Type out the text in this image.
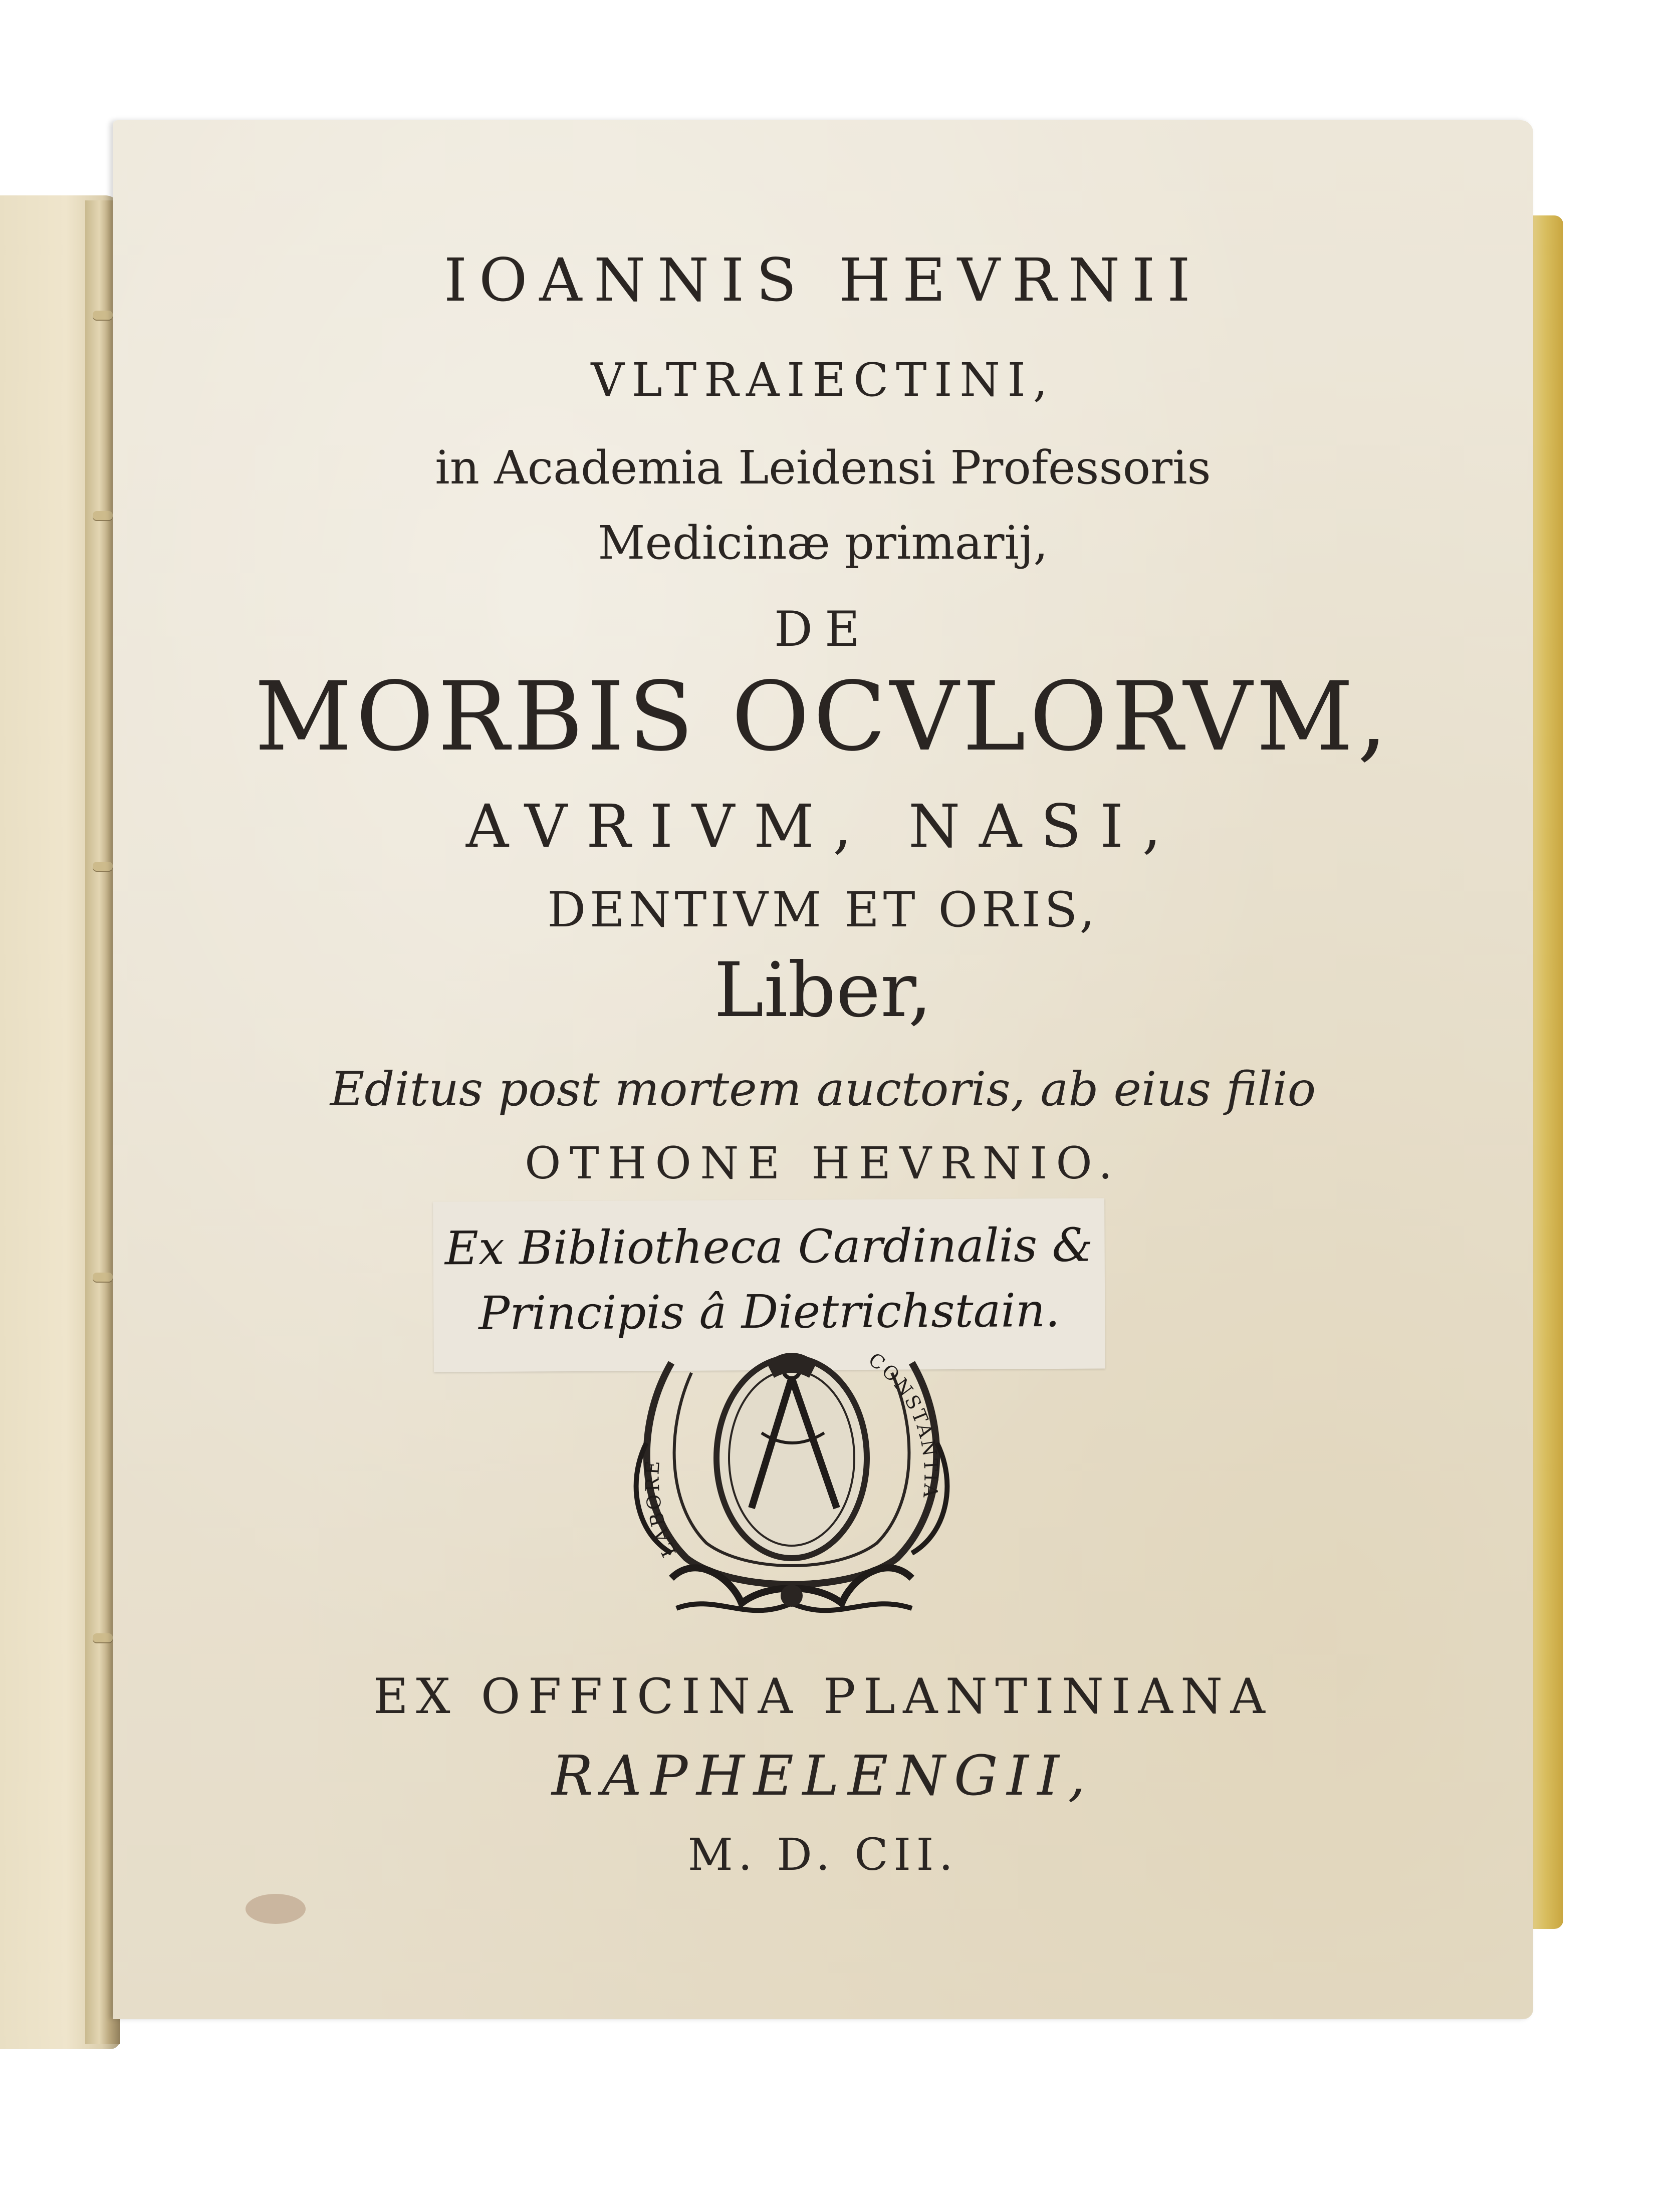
IOANNIS HEVRNII
VLTRAIECTINI,
in Academia Leidensi Professoris
Medicinæ primarij,
DE
MORBIS OCVLORVM,
AVRIVM, NASI,
DENTIVM ET ORIS,
Liber,
Editus post mortem auctoris, ab eius filio
OTHONE HEVRNIO.
Ex Bibliotheca Cardinalis &
Principis â Dietrichstain.
LABORE
CONSTANTIA
EX OFFICINA PLANTINIANA
RAPHELENGII,
M. D. CII.
